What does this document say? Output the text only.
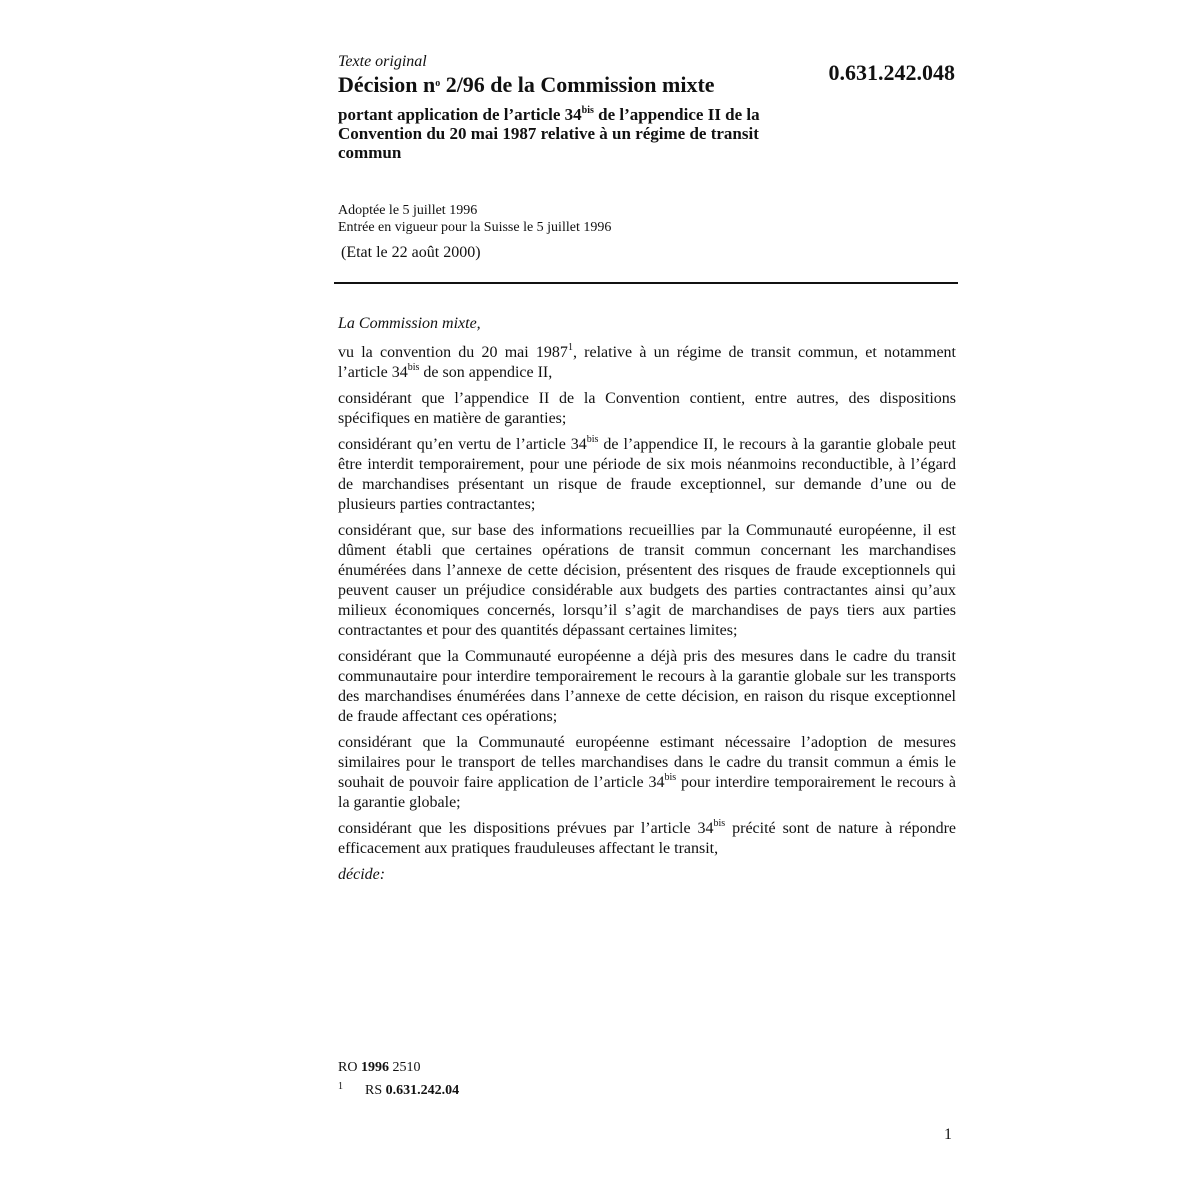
Texte original
Décision $n^o$ 2/96 de la Commission mixte	0.631.242.048
portant application de l’article 34$^{bis}$ de l’appendice II de la Convention du 20 mai 1987 relative à un régime de transit commun
Adoptée le 5 juillet 1996
Entrée en vigueur pour la Suisse le 5 juillet 1996
(Etat le 22 août 2000)

La Commission mixte,

vu la convention du 20 mai 1987$^1$, relative à un régime de transit commun, et notamment l’article 34$^{bis}$ de son appendice II,

considérant que l’appendice II de la Convention contient, entre autres, des dispositions spécifiques en matière de garanties;

considérant qu’en vertu de l’article 34$^{bis}$ de l’appendice II, le recours à la garantie globale peut être interdit temporairement, pour une période de six mois néanmoins reconductible, à l’égard de marchandises présentant un risque de fraude exceptionnel, sur demande d’une ou de plusieurs parties contractantes;

considérant que, sur base des informations recueillies par la Communauté européenne, il est dûment établi que certaines opérations de transit commun concernant les marchandises énumérées dans l’annexe de cette décision, présentent des risques de fraude exceptionnels qui peuvent causer un préjudice considérable aux budgets des parties contractantes ainsi qu’aux milieux économiques concernés, lorsqu’il s’agit de marchandises de pays tiers aux parties contractantes et pour des quantités dépassant certaines limites;

considérant que la Communauté européenne a déjà pris des mesures dans le cadre du transit communautaire pour interdire temporairement le recours à la garantie globale sur les transports des marchandises énumérées dans l’annexe de cette décision, en raison du risque exceptionnel de fraude affectant ces opérations;

considérant que la Communauté européenne estimant nécessaire l’adoption de mesures similaires pour le transport de telles marchandises dans le cadre du transit commun a émis le souhait de pouvoir faire application de l’article 34$^{bis}$ pour interdire temporairement le recours à la garantie globale;

considérant que les dispositions prévues par l’article 34$^{bis}$ précité sont de nature à répondre efficacement aux pratiques frauduleuses affectant le transit,

décide:

RO 1996 2510
$^1$ RS 0.631.242.04
1
